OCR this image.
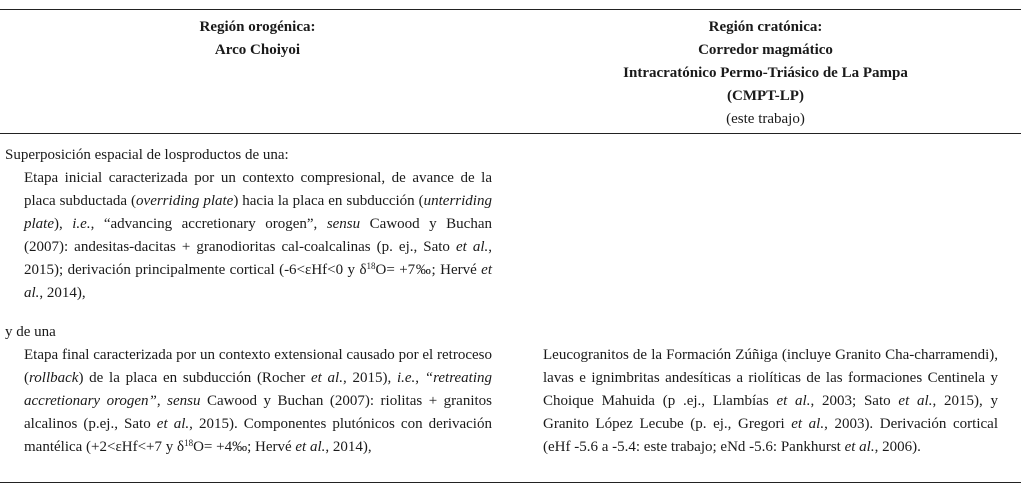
Región orogénica:
Arco Choiyoi
Región cratónica:
Corredor magmático
Intracratónico Permo-Triásico de La Pampa
(CMPT-LP)
(este trabajo)
Superposición espacial de losproductos de una:
Etapa inicial caracterizada por un contexto compresional, de avance de la placa subductada (overriding plate) hacia la placa en subducción (unterriding plate), i.e., “advancing accretionary orogen”, sensu Cawood y Buchan (2007): andesitas-dacitas + granodioritas cal-coalcalinas (p. ej., Sato et al., 2015); derivación principalmente cortical (-6<εHf<0 y $\delta^{18}O=$ +7‰; Hervé et al., 2014),
y de una
Etapa final caracterizada por un contexto extensional causado por el retroceso (rollback) de la placa en subducción (Rocher et al., 2015), i.e., “retreating accretionary orogen”, sensu Cawood y Buchan (2007): riolitas + granitos alcalinos (p.ej., Sato et al., 2015). Componentes plutónicos con derivación mantélica (+2<εHf<+7 y $\delta^{18}O=$ +4‰; Hervé et al., 2014),
Leucogranitos de la Formación Zúñiga (incluye Granito Cha-charramendi), lavas e ignimbritas andesíticas a riolíticas de las formaciones Centinela y Choique Mahuida (p .ej., Llambías et al., 2003; Sato et al., 2015), y Granito López Lecube (p. ej., Gregori et al., 2003). Derivación cortical (eHf -5.6 a -5.4: este trabajo; eNd -5.6: Pankhurst et al., 2006).
